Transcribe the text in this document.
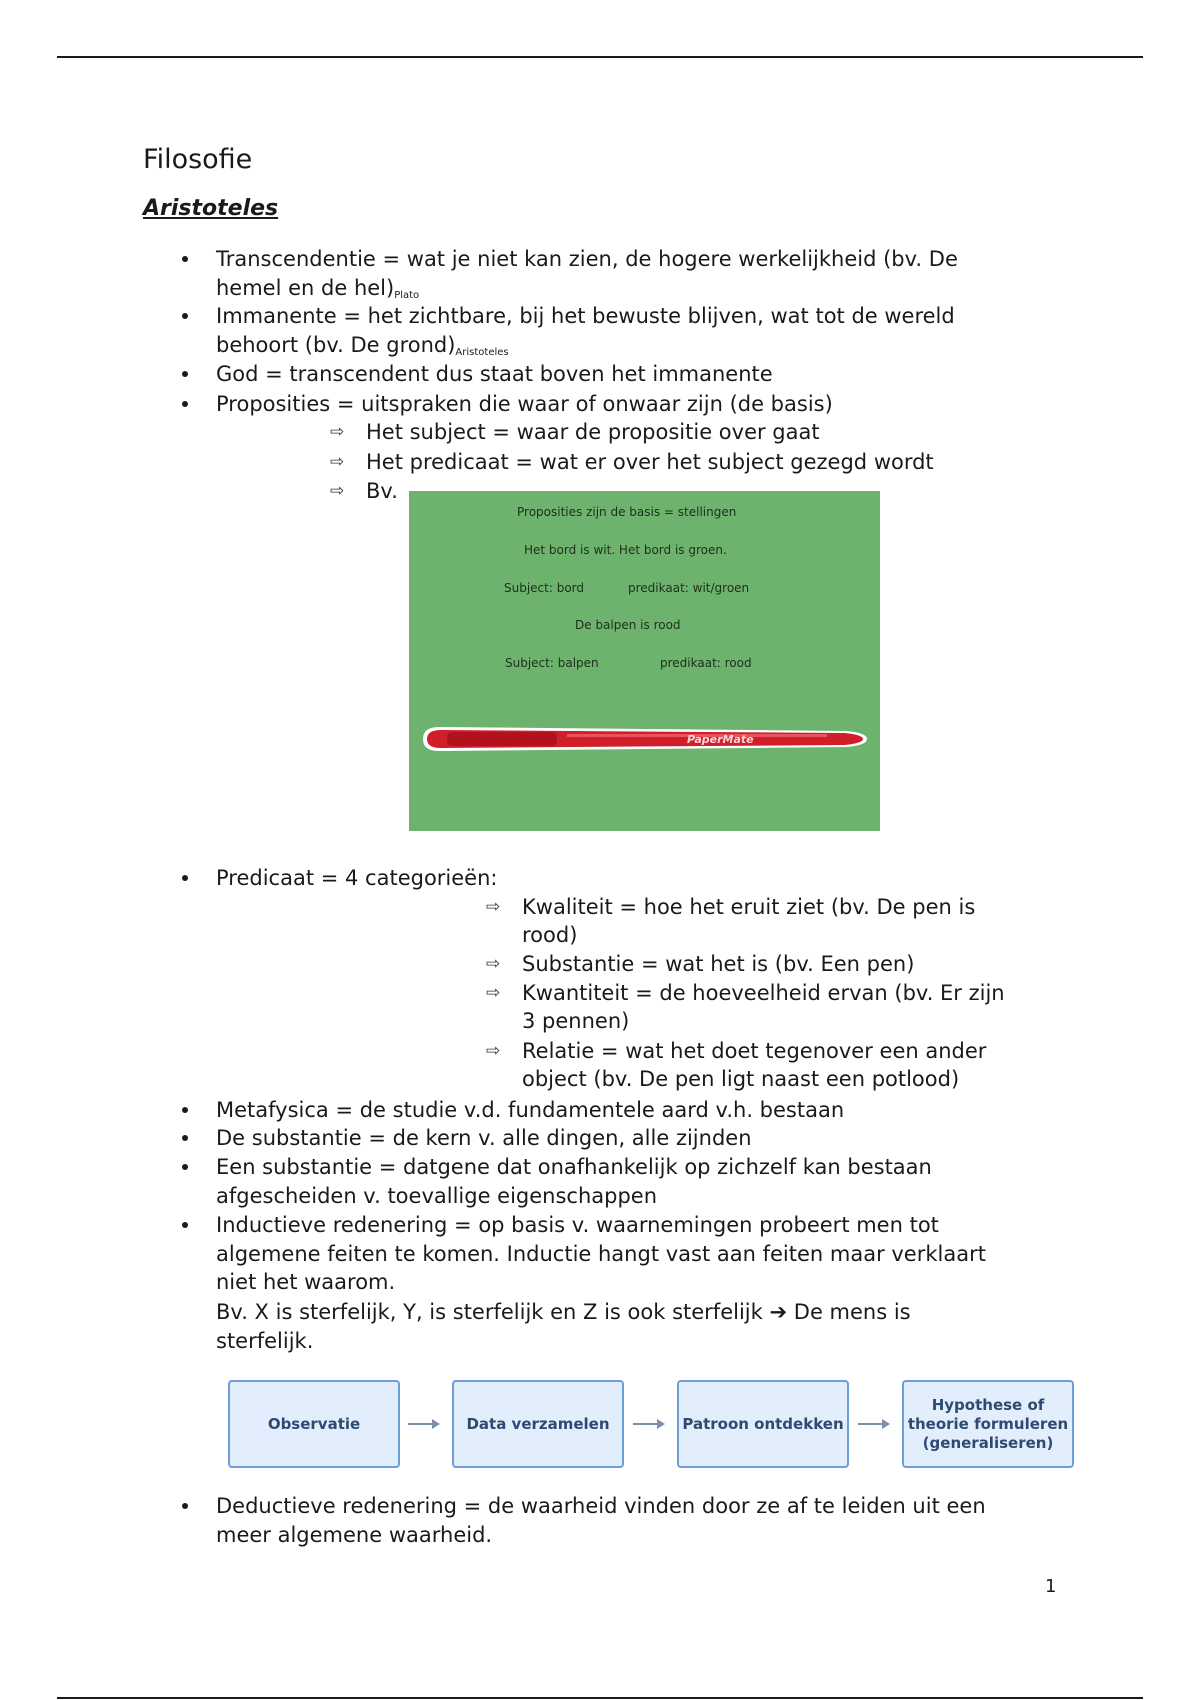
Filosofie
Aristoteles
Transcendentie = wat je niet kan zien, de hogere werkelijkheid (bv. De
hemel en de $hel)_{Plato}$
Immanente = het zichtbare, bij het bewuste blijven, wat tot de wereld
behoort (bv. De $grond)_{Aristoteles}$
God = transcendent dus staat boven het immanente
Proposities = uitspraken die waar of onwaar zijn (de basis)
⇨ Het subject = waar de propositie over gaat
⇨ Het predicaat = wat er over het subject gezegd wordt
⇨ Bv.
Proposities zijn de basis = stellingen
Het bord is wit. Het bord is groen.
Subject: bord	predikaat: wit/groen
De balpen is rood
Subject: balpen	predikaat: rood
PaperMate
Predicaat = 4 categorieën:
⇨ Kwaliteit = hoe het eruit ziet (bv. De pen is
rood)
⇨ Substantie = wat het is (bv. Een pen)
⇨ Kwantiteit = de hoeveelheid ervan (bv. Er zijn
3 pennen)
⇨ Relatie = wat het doet tegenover een ander
object (bv. De pen ligt naast een potlood)
Metafysica = de studie v.d. fundamentele aard v.h. bestaan
De substantie = de kern v. alle dingen, alle zijnden
Een substantie = datgene dat onafhankelijk op zichzelf kan bestaan
afgescheiden v. toevallige eigenschappen
Inductieve redenering = op basis v. waarnemingen probeert men tot
algemene feiten te komen. Inductie hangt vast aan feiten maar verklaart
niet het waarom.
Bv. X is sterfelijk, Y, is sterfelijk en Z is ook sterfelijk ➔ De mens is
sterfelijk.
Observatie	Data verzamelen	Patroon ontdekken
Hypothese of
theorie formuleren
(generaliseren)
Deductieve redenering = de waarheid vinden door ze af te leiden uit een
meer algemene waarheid.
1
